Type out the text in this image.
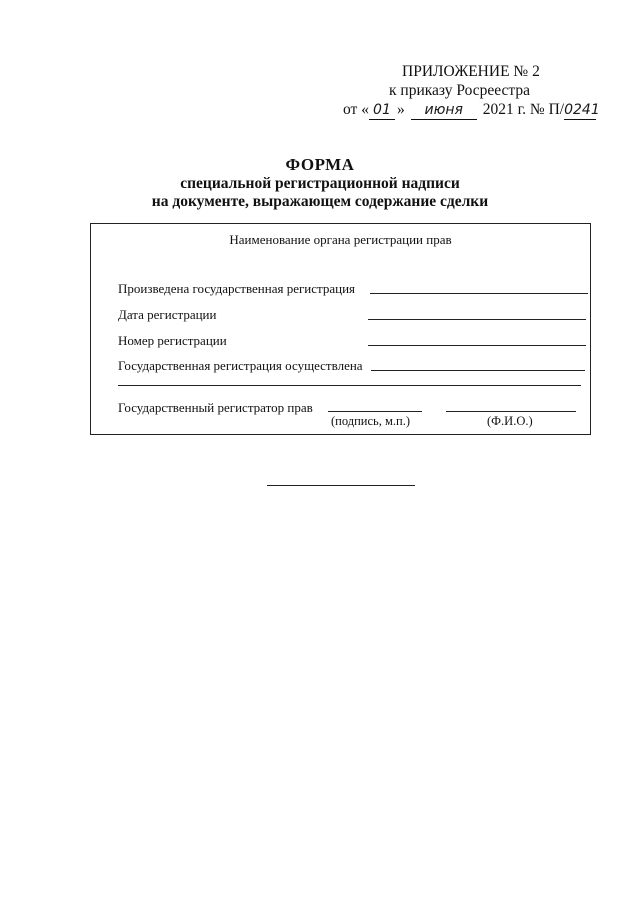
ПРИЛОЖЕНИЕ № 2
к приказу Росреестра
от « 01 »	июня	2021 г. № П/ 0241
ФОРМА
специальной регистрационной надписи
на документе, выражающем содержание сделки
Наименование органа регистрации прав
Произведена государственная регистрация
Дата регистрации
Номер регистрации
Государственная регистрация осуществлена
Государственный регистратор прав
(подпись, м.п.)	(Ф.И.О.)
